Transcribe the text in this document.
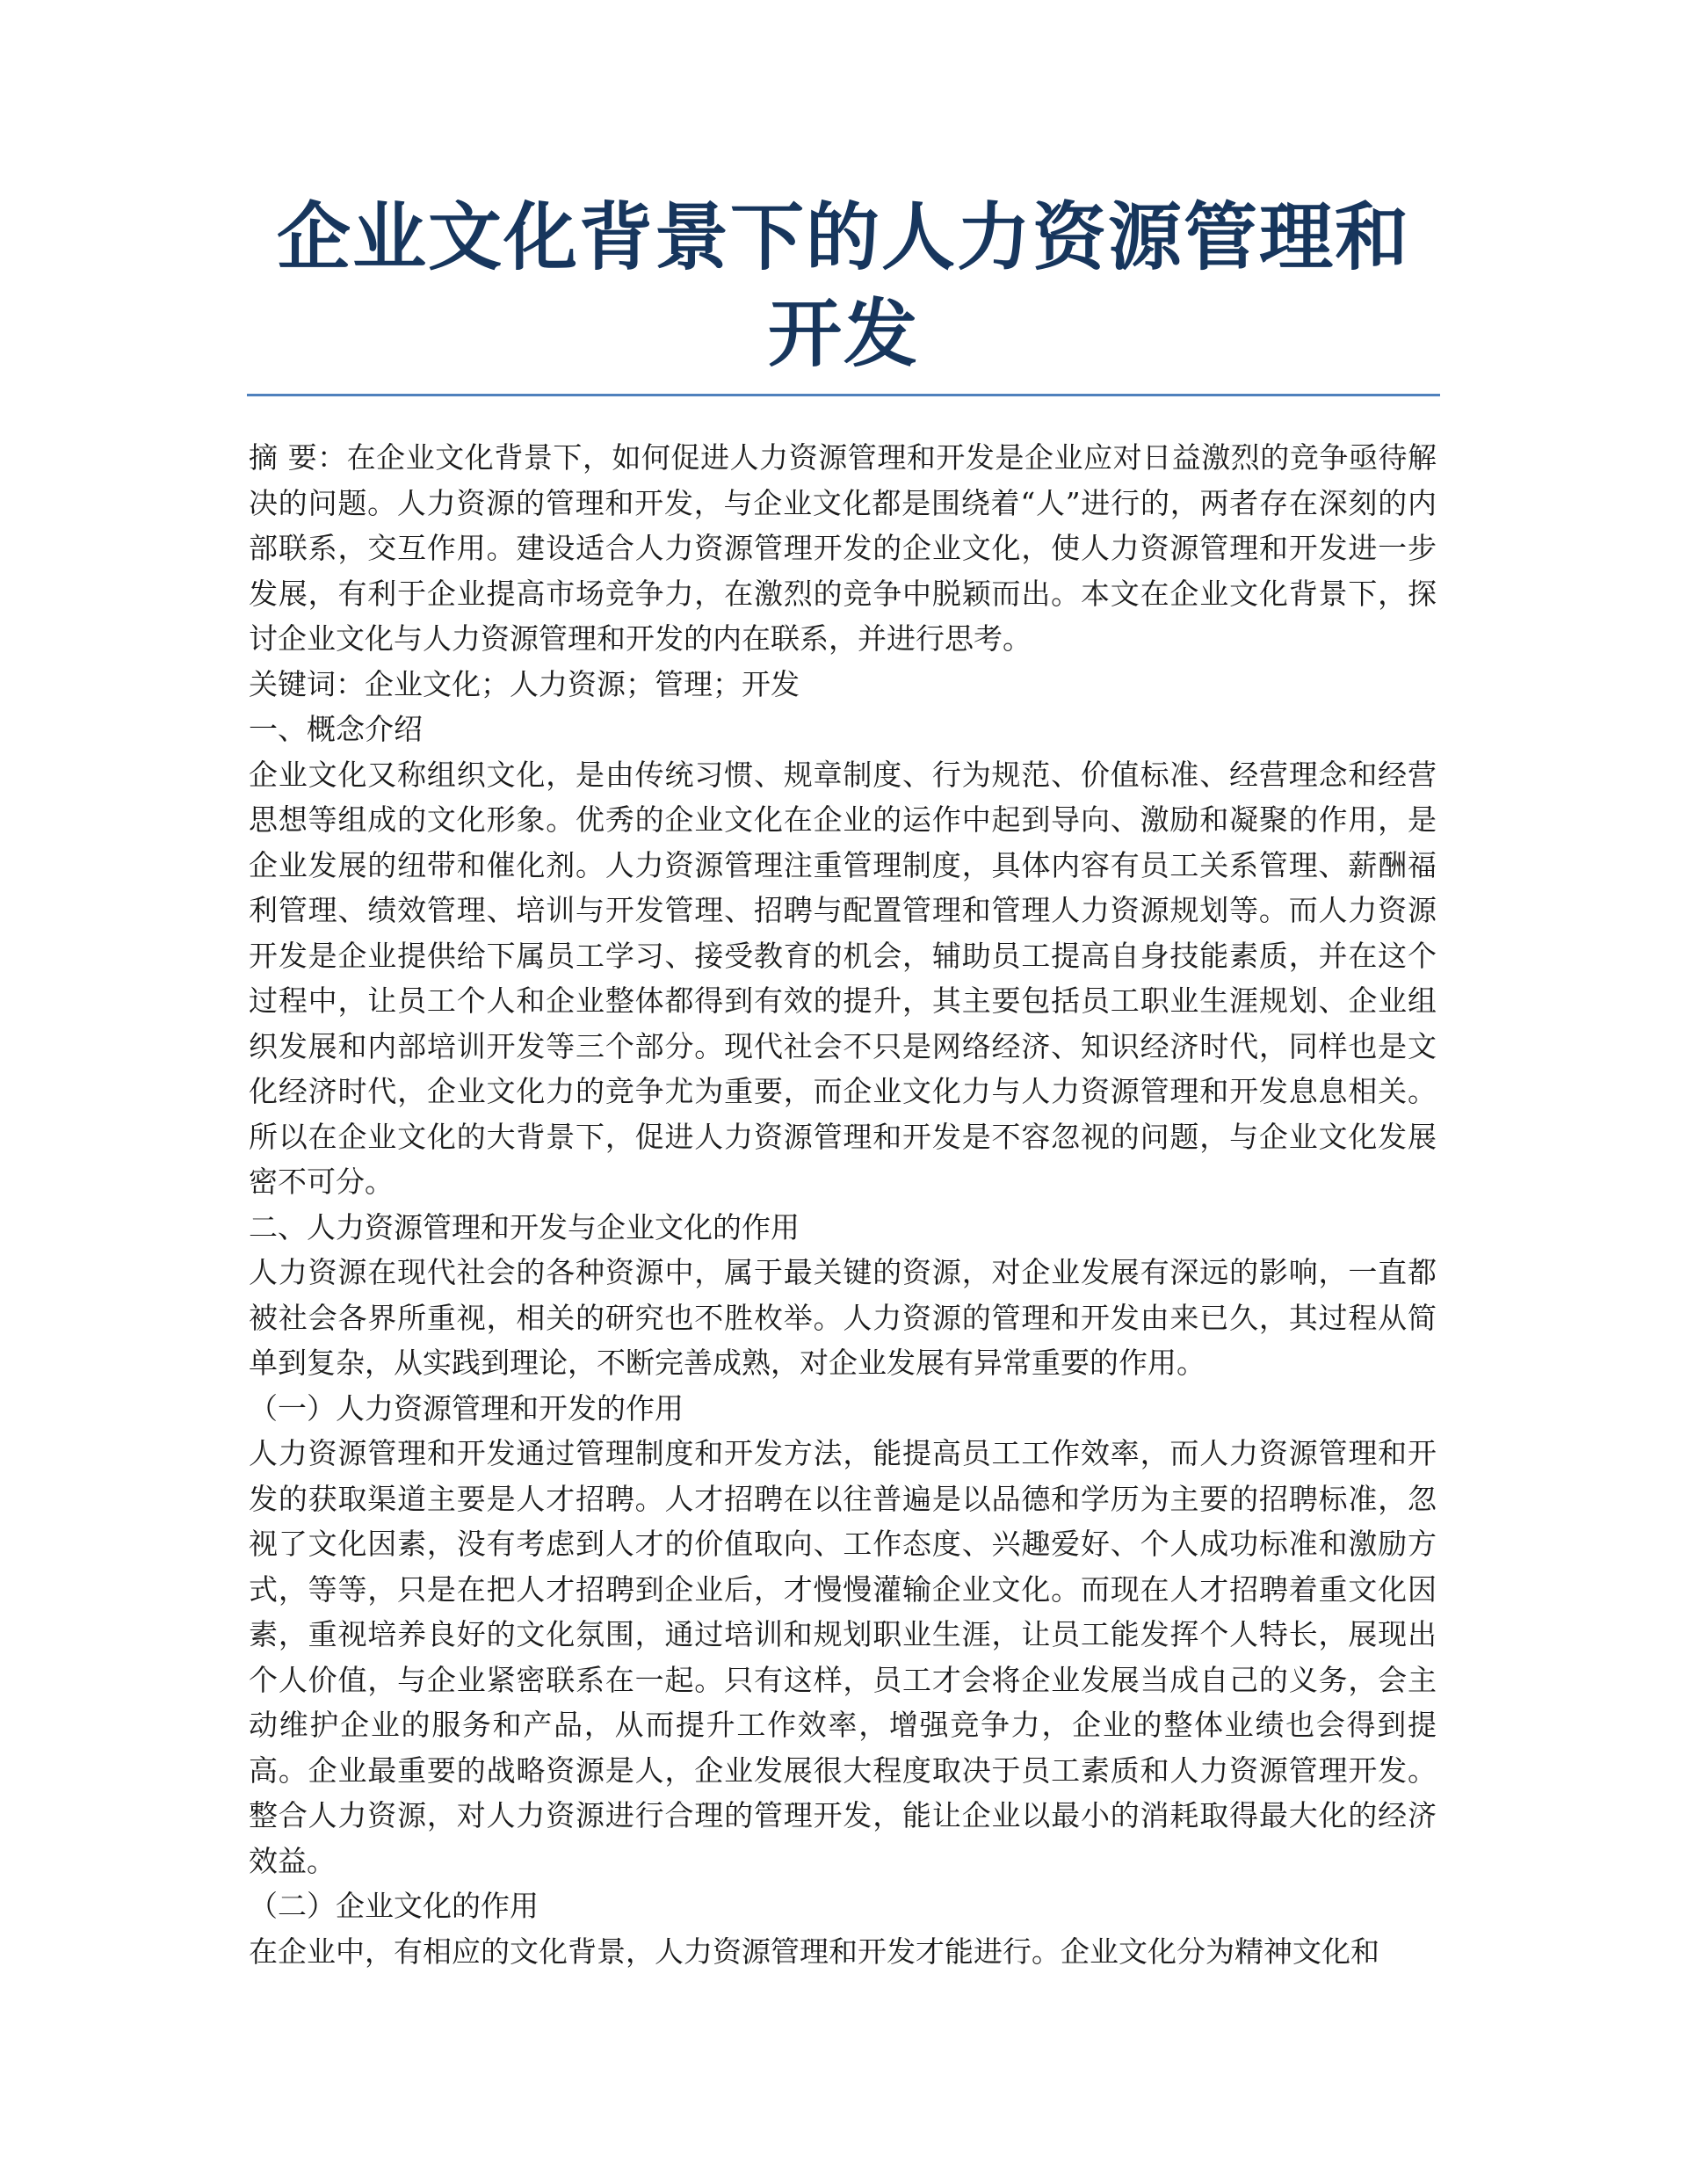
企业文化背景下的人力资源管理和开发

摘 要：在企业文化背景下，如何促进人力资源管理和开发是企业应对日益激烈的竞争亟待解决的问题。人力资源的管理和开发，与企业文化都是围绕着“人”进行的，两者存在深刻的内部联系，交互作用。建设适合人力资源管理开发的企业文化，使人力资源管理和开发进一步发展，有利于企业提高市场竞争力，在激烈的竞争中脱颖而出。本文在企业文化背景下，探讨企业文化与人力资源管理和开发的内在联系，并进行思考。

关键词：企业文化；人力资源；管理；开发

一、概念介绍

企业文化又称组织文化，是由传统习惯、规章制度、行为规范、价值标准、经营理念和经营思想等组成的文化形象。优秀的企业文化在企业的运作中起到导向、激励和凝聚的作用，是企业发展的纽带和催化剂。人力资源管理注重管理制度，具体内容有员工关系管理、薪酬福利管理、绩效管理、培训与开发管理、招聘与配置管理和管理人力资源规划等。而人力资源开发是企业提供给下属员工学习、接受教育的机会，辅助员工提高自身技能素质，并在这个过程中，让员工个人和企业整体都得到有效的提升，其主要包括员工职业生涯规划、企业组织发展和内部培训开发等三个部分。现代社会不只是网络经济、知识经济时代，同样也是文化经济时代，企业文化力的竞争尤为重要，而企业文化力与人力资源管理和开发息息相关。所以在企业文化的大背景下，促进人力资源管理和开发是不容忽视的问题，与企业文化发展密不可分。

二、人力资源管理和开发与企业文化的作用

人力资源在现代社会的各种资源中，属于最关键的资源，对企业发展有深远的影响，一直都被社会各界所重视，相关的研究也不胜枚举。人力资源的管理和开发由来已久，其过程从简单到复杂，从实践到理论，不断完善成熟，对企业发展有异常重要的作用。

（一）人力资源管理和开发的作用

人力资源管理和开发通过管理制度和开发方法，能提高员工工作效率，而人力资源管理和开发的获取渠道主要是人才招聘。人才招聘在以往普遍是以品德和学历为主要的招聘标准，忽视了文化因素，没有考虑到人才的价值取向、工作态度、兴趣爱好、个人成功标准和激励方式，等等，只是在把人才招聘到企业后，才慢慢灌输企业文化。而现在人才招聘着重文化因素，重视培养良好的文化氛围，通过培训和规划职业生涯，让员工能发挥个人特长，展现出个人价值，与企业紧密联系在一起。只有这样，员工才会将企业发展当成自己的义务，会主动维护企业的服务和产品，从而提升工作效率，增强竞争力，企业的整体业绩也会得到提高。企业最重要的战略资源是人，企业发展很大程度取决于员工素质和人力资源管理开发。整合人力资源，对人力资源进行合理的管理开发，能让企业以最小的消耗取得最大化的经济效益。

（二）企业文化的作用

在企业中，有相应的文化背景，人力资源管理和开发才能进行。企业文化分为精神文化和
